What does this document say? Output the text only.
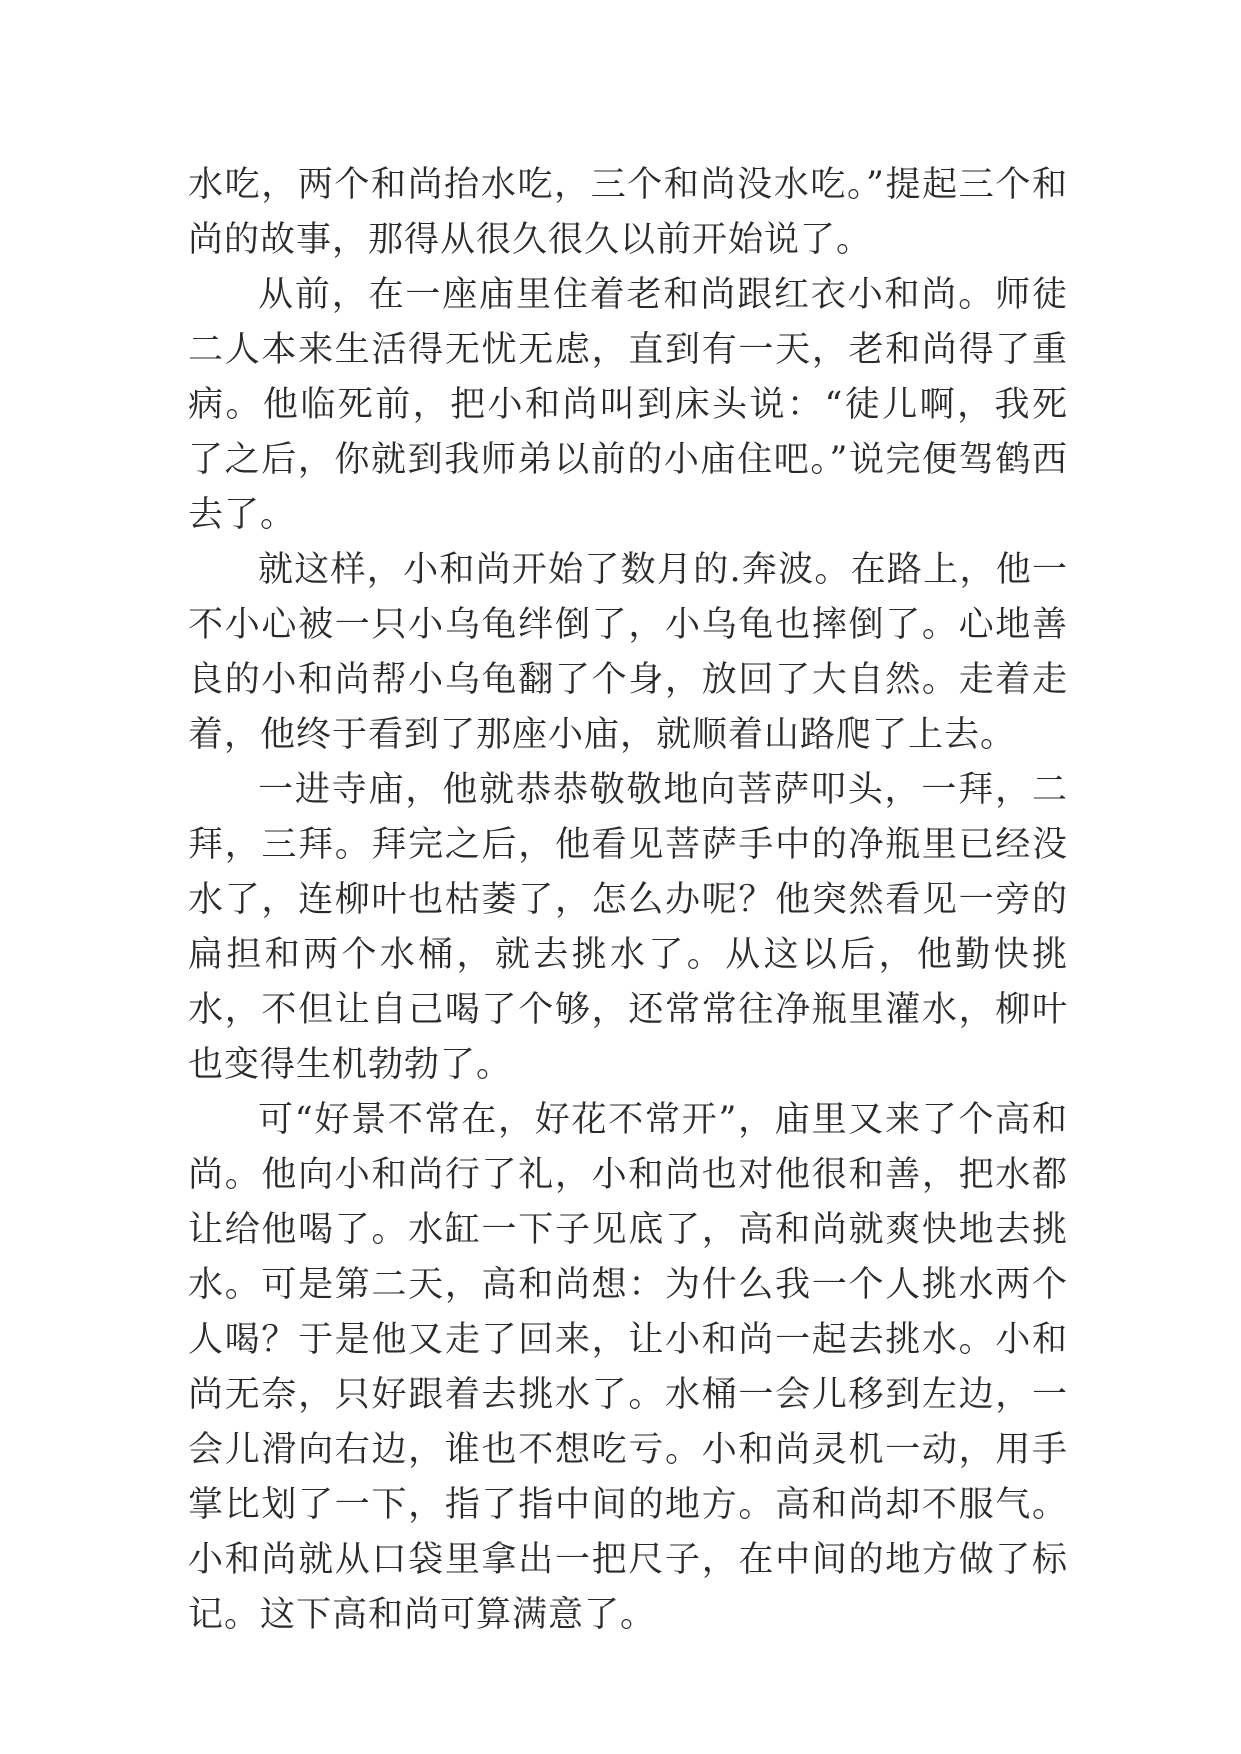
水吃，两个和尚抬水吃，三个和尚没水吃。”提起三个和尚的故事，那得从很久很久以前开始说了。

从前，在一座庙里住着老和尚跟红衣小和尚。师徒二人本来生活得无忧无虑，直到有一天，老和尚得了重病。他临死前，把小和尚叫到床头说：“徒儿啊，我死了之后，你就到我师弟以前的小庙住吧。”说完便驾鹤西去了。

就这样，小和尚开始了数月的.奔波。在路上，他一不小心被一只小乌龟绊倒了，小乌龟也摔倒了。心地善良的小和尚帮小乌龟翻了个身，放回了大自然。走着走着，他终于看到了那座小庙，就顺着山路爬了上去。

一进寺庙，他就恭恭敬敬地向菩萨叩头，一拜，二拜，三拜。拜完之后，他看见菩萨手中的净瓶里已经没水了，连柳叶也枯萎了，怎么办呢？他突然看见一旁的扁担和两个水桶，就去挑水了。从这以后，他勤快挑水，不但让自己喝了个够，还常常往净瓶里灌水，柳叶也变得生机勃勃了。

可“好景不常在，好花不常开”，庙里又来了个高和尚。他向小和尚行了礼，小和尚也对他很和善，把水都让给他喝了。水缸一下子见底了，高和尚就爽快地去挑水。可是第二天，高和尚想：为什么我一个人挑水两个人喝？于是他又走了回来，让小和尚一起去挑水。小和尚无奈，只好跟着去挑水了。水桶一会儿移到左边，一会儿滑向右边，谁也不想吃亏。小和尚灵机一动，用手掌比划了一下，指了指中间的地方。高和尚却不服气。小和尚就从口袋里拿出一把尺子，在中间的地方做了标记。这下高和尚可算满意了。
